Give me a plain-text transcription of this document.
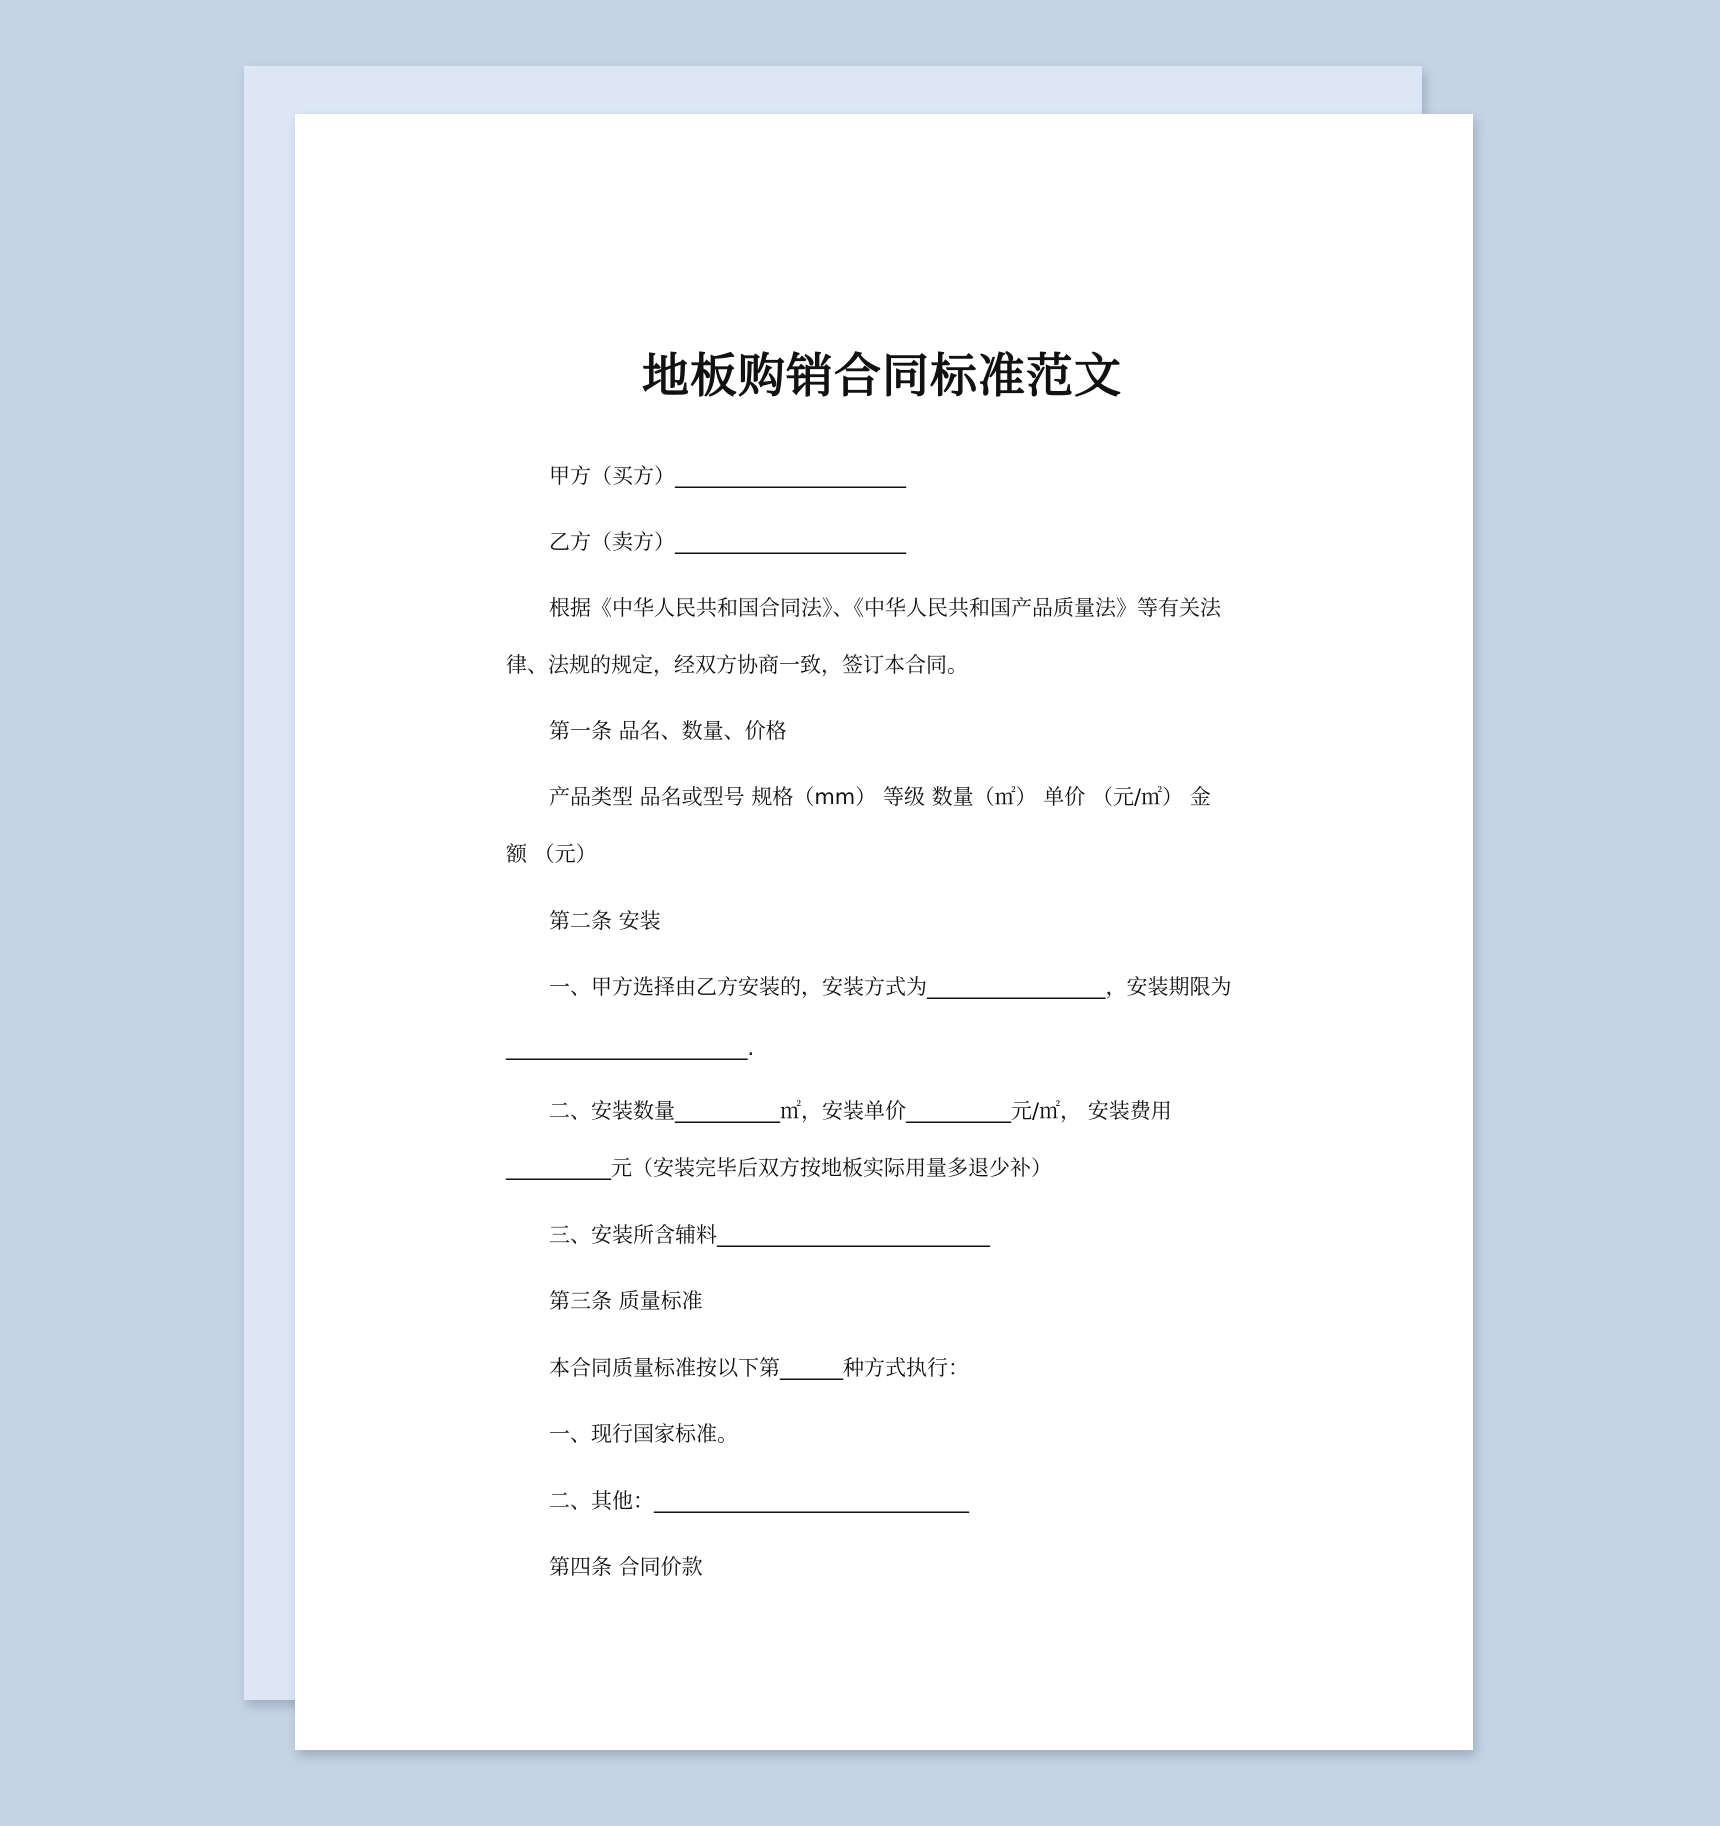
地板购销合同标准范文

甲方（买方）______________________

乙方（卖方）______________________

根据《中华人民共和国合同法》、《中华人民共和国产品质量法》等有关法

律、法规的规定，经双方协商一致，签订本合同。

第一条 品名、数量、价格

产品类型 品名或型号 规格（mm） 等级 数量（㎡） 单价 （元/㎡） 金

额 （元）

第二条 安装

一、甲方选择由乙方安装的，安装方式为_________________，安装期限为

_______________________.

二、安装数量__________㎡，安装单价__________元/㎡， 安装费用

__________元（安装完毕后双方按地板实际用量多退少补）

三、安装所含辅料__________________________

第三条 质量标准

本合同质量标准按以下第______种方式执行：

一、现行国家标准。

二、其他：______________________________

第四条 合同价款
